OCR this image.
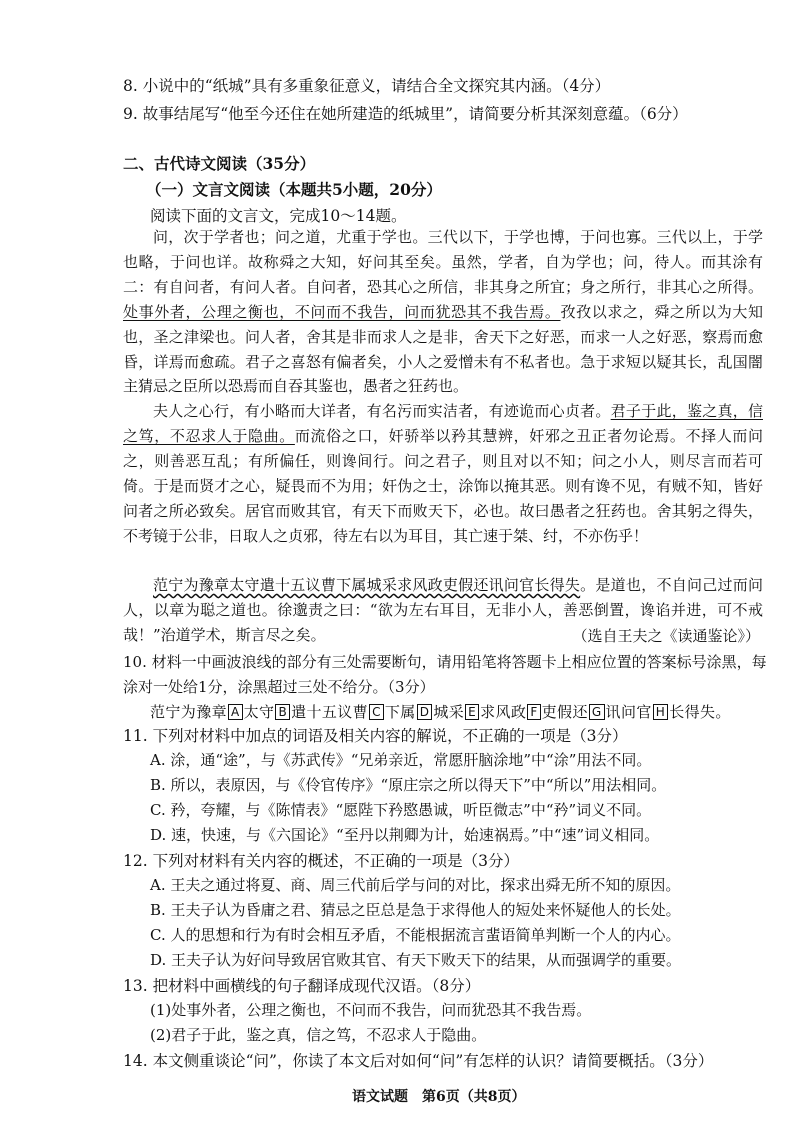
8. 小说中的“纸城”具有多重象征意义，请结合全文探究其内涵。（4分）
9. 故事结尾写“他至今还住在她所建造的纸城里”，请简要分析其深刻意蕴。（6分）
二、古代诗文阅读（35分）
（一）文言文阅读（本题共5小题，20分）
阅读下面的文言文，完成10～14题。

问，次于学者也；问之道，尤重于学也。三代以下，于学也博，于问也寡。三代以上，于学也略，于问也详。故称舜之大知，好问其至矣。虽然，学者，自为学也；问，待人。而其涂有二：有自问者，有问人者。自问者，恐其心之所信，非其身之所宜；身之所行，非其心之所得。处事外者，公理之衡也，不问而不我告，问而犹恐其不我告焉。孜孜以求之，舜之所以为大知也，圣之津梁也。问人者，舍其是非而求人之是非，舍天下之好恶，而求一人之好恶，察焉而愈昏，详焉而愈疏。君子之喜怒有偏者矣，小人之爱憎未有不私者也。急于求短以疑其长，乱国闇主猜忌之臣所以恐焉而自吞其鉴也，愚者之狂药也。

夫人之心行，有小略而大详者，有名污而实洁者，有迹诡而心贞者。君子于此，鉴之真，信之笃，不忍求人于隐曲。而流俗之口，奸骄举以矜其慧辨，奸邪之丑正者勿论焉。不择人而问之，则善恶互乱；有所偏任，则谗间行。问之君子，则且对以不知；问之小人，则尽言而若可倚。于是而贤才之心，疑畏而不为用；奸伪之士，涂饰以掩其恶。则有谗不见，有贼不知，皆好问者之所必致矣。居官而败其官，有天下而败天下，必也。故曰愚者之狂药也。舍其躬之得失，不考镜于公非，日取人之贞邪，待左右以为耳目，其亡速于桀、纣，不亦伤乎！

范宁为豫章太守遣十五议曹下属城采求风政吏假还讯问官长得失。是道也，不自问己过而问人，以章为聪之道也。徐邈责之曰：“欲为左右耳目，无非小人，善恶倒置，谗谄并进，可不戒哉！”治道学术，斯言尽之矣。	（选自王夫之《读通鉴论》）

10. 材料一中画波浪线的部分有三处需要断句，请用铅笔将答题卡上相应位置的答案标号涂黑，每涂对一处给1分，涂黑超过三处不给分。（3分）

范宁为豫章 A 太守 B 遣十五议曹 C 下属 D 城采 E 求风政 F 吏假还 G 讯问官 H 长得失。
11. 下列对材料中加点的词语及相关内容的解说，不正确的一项是（3分）
A. 涂，通“途”，与《苏武传》“兄弟亲近，常愿肝脑涂地”中“涂”用法不同。
B. 所以，表原因，与《伶官传序》“原庄宗之所以得天下”中“所以”用法相同。
C. 矜，夸耀，与《陈情表》“愿陛下矜愍愚诚，听臣微志”中“矜”词义不同。
D. 速，快速，与《六国论》“至丹以荆卿为计，始速祸焉。”中“速”词义相同。
12. 下列对材料有关内容的概述，不正确的一项是（3分）
A. 王夫之通过将夏、商、周三代前后学与问的对比，探求出舜无所不知的原因。
B. 王夫子认为昏庸之君、猜忌之臣总是急于求得他人的短处来怀疑他人的长处。
C. 人的思想和行为有时会相互矛盾，不能根据流言蜚语简单判断一个人的内心。
D. 王夫子认为好问导致居官败其官、有天下败天下的结果，从而强调学的重要。
13. 把材料中画横线的句子翻译成现代汉语。（8分）
(1)处事外者，公理之衡也，不问而不我告，问而犹恐其不我告焉。
(2)君子于此，鉴之真，信之笃，不忍求人于隐曲。
14. 本文侧重谈论“问”，你读了本文后对如何“问”有怎样的认识？请简要概括。（3分）
语文试题　第6页（共8页）
